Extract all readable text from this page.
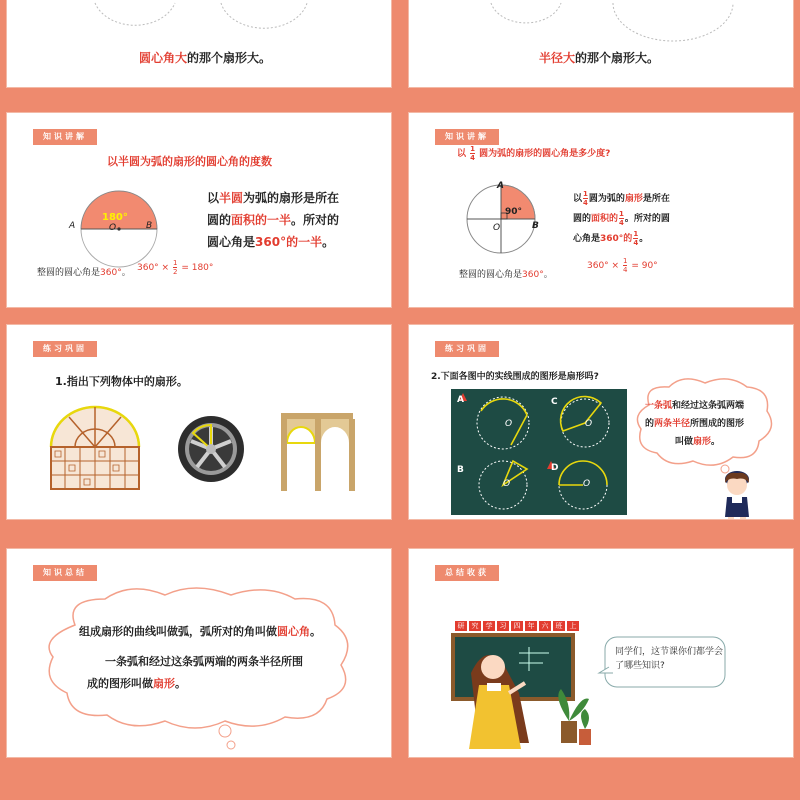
圆心角大的那个扇形大。	半径大的那个扇形大。
知识讲解
以半圆为弧的扇形的圆心角的度数
180°
A	B
O
以半圆为弧的扇形是所在
圆的面积的一半。所对的
圆心角是360°的一半。
整圆的圆心角是360°。 $360^\circ \times \frac{1}{2} = 180^\circ$
知识讲解
以 $\frac{1}{4}$ 圆为弧的扇形的圆心角是多少度?
90°
A
B
O
以 $\frac{1}{4}$ 圆为弧的扇形是所在
圆的面积的 $\frac{1}{4}$ 。所对的圆
心角是360°的 $\frac{1}{4}$ 。
整圆的圆心角是360°。
$360^\circ \times \frac{1}{4} = 90^\circ$
练习巩固
1.指出下列物体中的扇形。
练习巩固
2.下面各图中的实线围成的图形是扇形吗?
A
B
C
D
O	O
O	O
一条弧和经过这条弧两端
的两条半径所围成的图形
叫做扇形。
知识总结
组成扇形的曲线叫做弧，弧所对的角叫做圆心角。
一条弧和经过这条弧两端的两条半径所围
成的图形叫做扇形。
总结收获
研	究	学	习	四	年	六	班	上
同学们，这节课你们都学会
了哪些知识?
